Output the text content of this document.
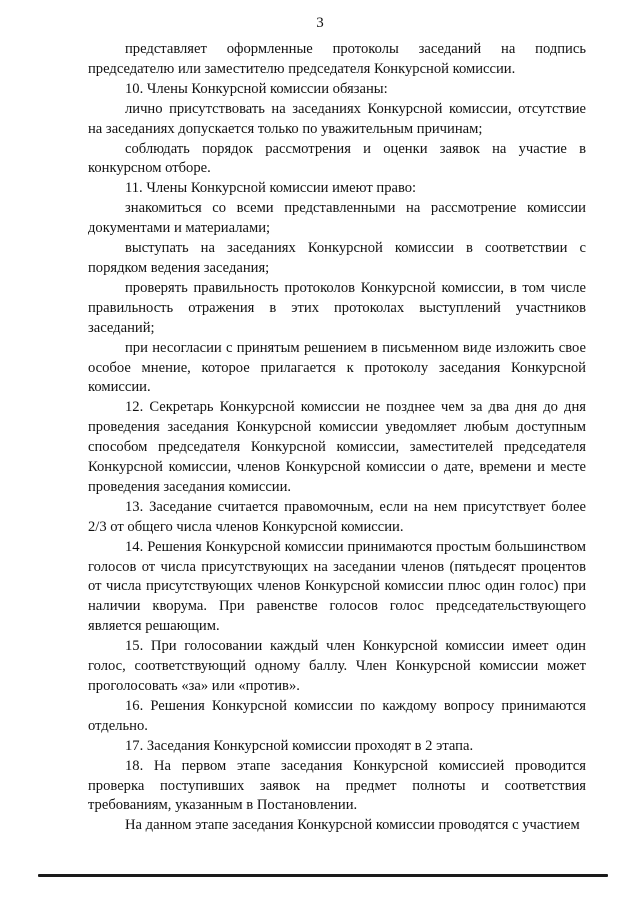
3

представляет оформленные протоколы заседаний на подпись председателю или заместителю председателя Конкурсной комиссии.

10. Члены Конкурсной комиссии обязаны:

лично присутствовать на заседаниях Конкурсной комиссии, отсутствие на заседаниях допускается только по уважительным причинам;

соблюдать порядок рассмотрения и оценки заявок на участие в конкурсном отборе.

11. Члены Конкурсной комиссии имеют право:

знакомиться со всеми представленными на рассмотрение комиссии документами и материалами;

выступать на заседаниях Конкурсной комиссии в соответствии с порядком ведения заседания;

проверять правильность протоколов Конкурсной комиссии, в том числе правильность отражения в этих протоколах выступлений участников заседаний;

при несогласии с принятым решением в письменном виде изложить свое особое мнение, которое прилагается к протоколу заседания Конкурсной комиссии.

12. Секретарь Конкурсной комиссии не позднее чем за два дня до дня проведения заседания Конкурсной комиссии уведомляет любым доступным способом председателя Конкурсной комиссии, заместителей председателя Конкурсной комиссии, членов Конкурсной комиссии о дате, времени и месте проведения заседания комиссии.

13. Заседание считается правомочным, если на нем присутствует более 2/3 от общего числа членов Конкурсной комиссии.

14. Решения Конкурсной комиссии принимаются простым большинством голосов от числа присутствующих на заседании членов (пятьдесят процентов от числа присутствующих членов Конкурсной комиссии плюс один голос) при наличии кворума. При равенстве голосов голос председательствующего является решающим.

15. При голосовании каждый член Конкурсной комиссии имеет один голос, соответствующий одному баллу. Член Конкурсной комиссии может проголосовать «за» или «против».

16. Решения Конкурсной комиссии по каждому вопросу принимаются отдельно.

17. Заседания Конкурсной комиссии проходят в 2 этапа.

18. На первом этапе заседания Конкурсной комиссией проводится проверка поступивших заявок на предмет полноты и соответствия требованиям, указанным в Постановлении.

На данном этапе заседания Конкурсной комиссии проводятся с участием
